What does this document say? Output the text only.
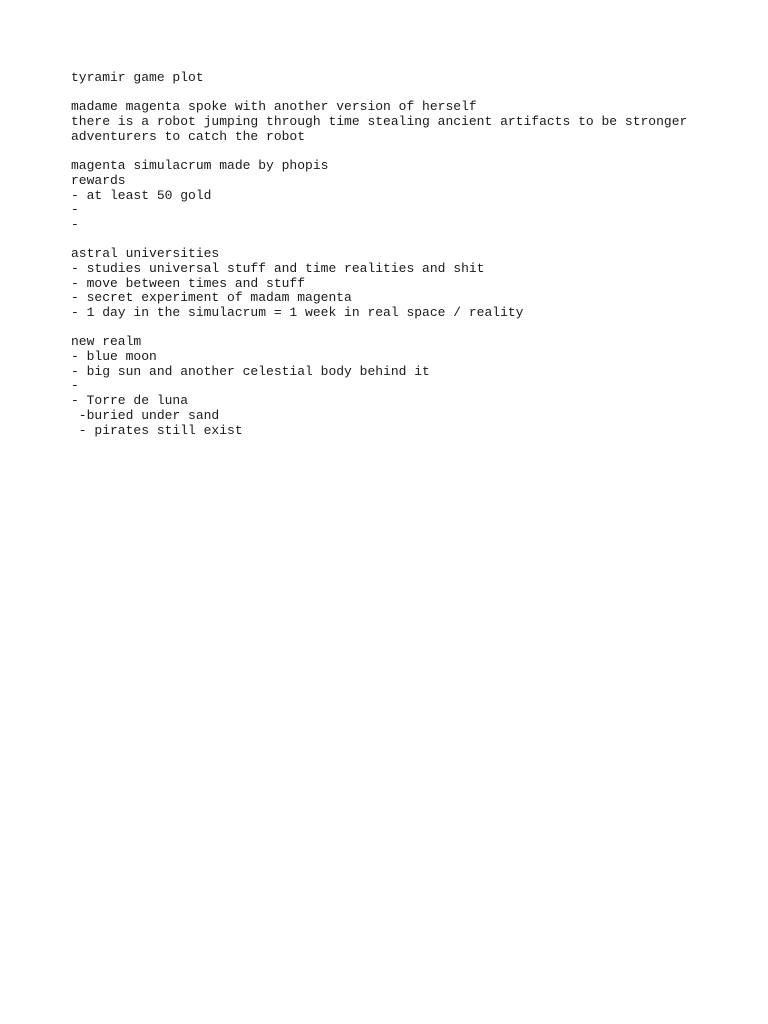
tyramir game plot
madame magenta spoke with another version of herself
there is a robot jumping through time stealing ancient artifacts to be stronger
adventurers to catch the robot
magenta simulacrum made by phopis
rewards
- at least 50 gold
-
-
astral universities
- studies universal stuff and time realities and shit
- move between times and stuff
- secret experiment of madam magenta
- 1 day in the simulacrum = 1 week in real space / reality
new realm
- blue moon
- big sun and another celestial body behind it
-
- Torre de luna
-buried under sand
- pirates still exist
